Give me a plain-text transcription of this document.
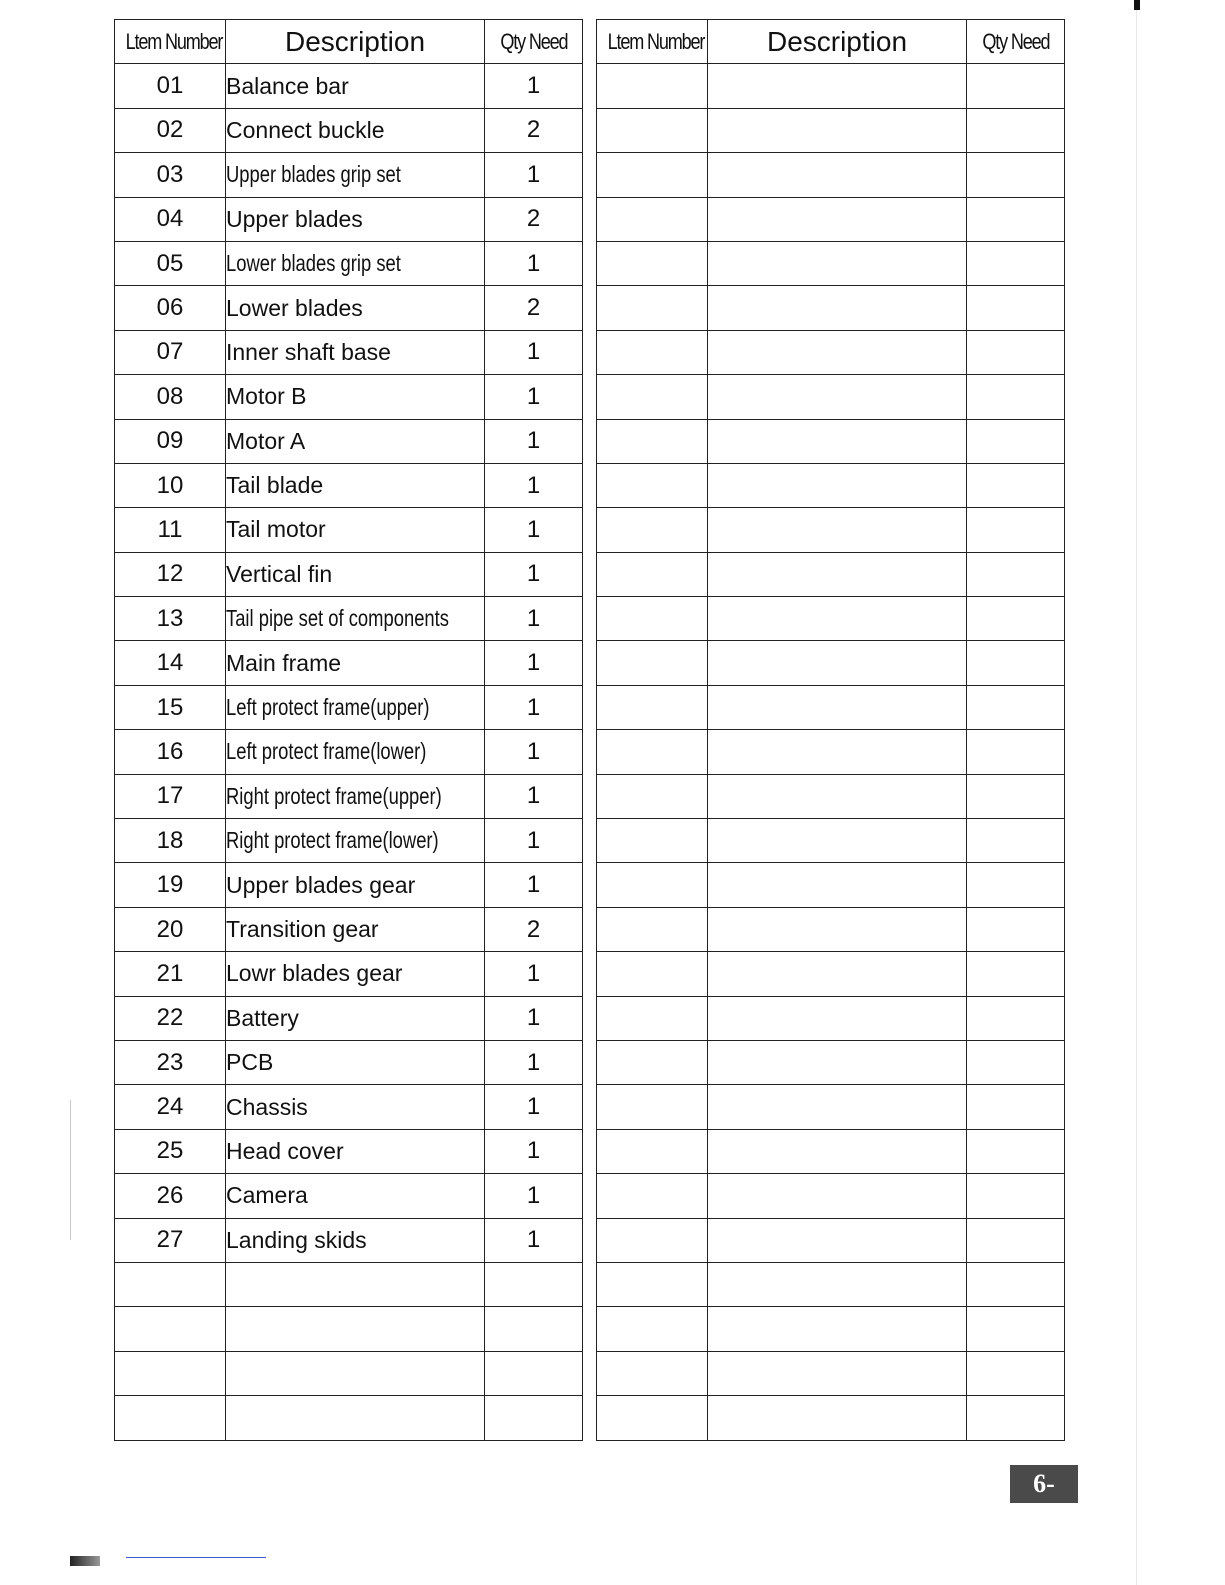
Ltem Number	Description	Qty Need
01	Balance bar	1
02	Connect buckle	2
03	Upper blades grip set	1
04	Upper blades	2
05	Lower blades grip set	1
06	Lower blades	2
07	Inner shaft base	1
08	Motor B	1
09	Motor A	1
10	Tail blade	1
11	Tail motor	1
12	Vertical fin	1
13	Tail pipe set of components	1
14	Main frame	1
15	Left protect frame(upper)	1
16	Left protect frame(lower)	1
17	Right protect frame(upper)	1
18	Right protect frame(lower)	1
19	Upper blades gear	1
20	Transition gear	2
21	Lowr blades gear	1
22	Battery	1
23	PCB	1
24	Chassis	1
25	Head cover	1
26	Camera	1
27	Landing skids	1

Ltem Number	Description	Qty Need

6-
